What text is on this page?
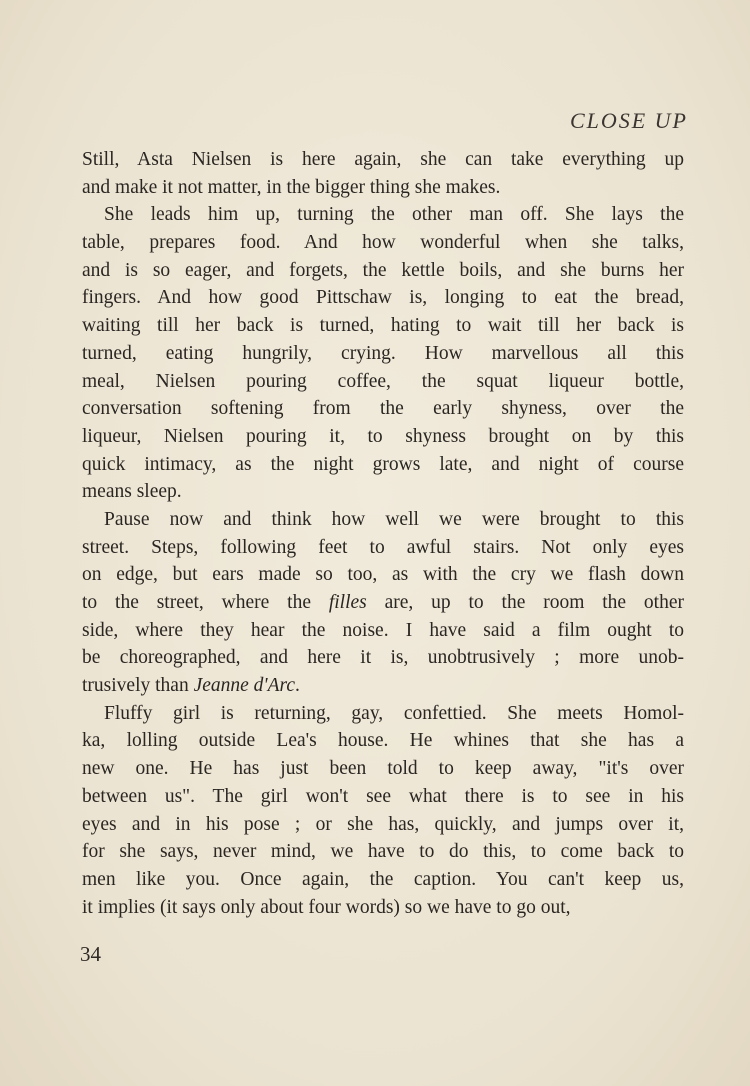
CLOSE UP
Still, Asta Nielsen is here again, she can take everything up
and make it not matter, in the bigger thing she makes.
She leads him up, turning the other man off. She lays the
table, prepares food. And how wonderful when she talks,
and is so eager, and forgets, the kettle boils, and she burns her
fingers. And how good Pittschaw is, longing to eat the bread,
waiting till her back is turned, hating to wait till her back is
turned, eating hungrily, crying. How marvellous all this
meal, Nielsen pouring coffee, the squat liqueur bottle,
conversation softening from the early shyness, over the
liqueur, Nielsen pouring it, to shyness brought on by this
quick intimacy, as the night grows late, and night of course
means sleep.
Pause now and think how well we were brought to this
street. Steps, following feet to awful stairs. Not only eyes
on edge, but ears made so too, as with the cry we flash down
to the street, where the filles are, up to the room the other
side, where they hear the noise. I have said a film ought to
be choreographed, and here it is, unobtrusively ; more unob-
trusively than Jeanne d'Arc.
Fluffy girl is returning, gay, confettied. She meets Homol-
ka, lolling outside Lea's house. He whines that she has a
new one. He has just been told to keep away, "it's over
between us". The girl won't see what there is to see in his
eyes and in his pose ; or she has, quickly, and jumps over it,
for she says, never mind, we have to do this, to come back to
men like you. Once again, the caption. You can't keep us,
it implies (it says only about four words) so we have to go out,
34
